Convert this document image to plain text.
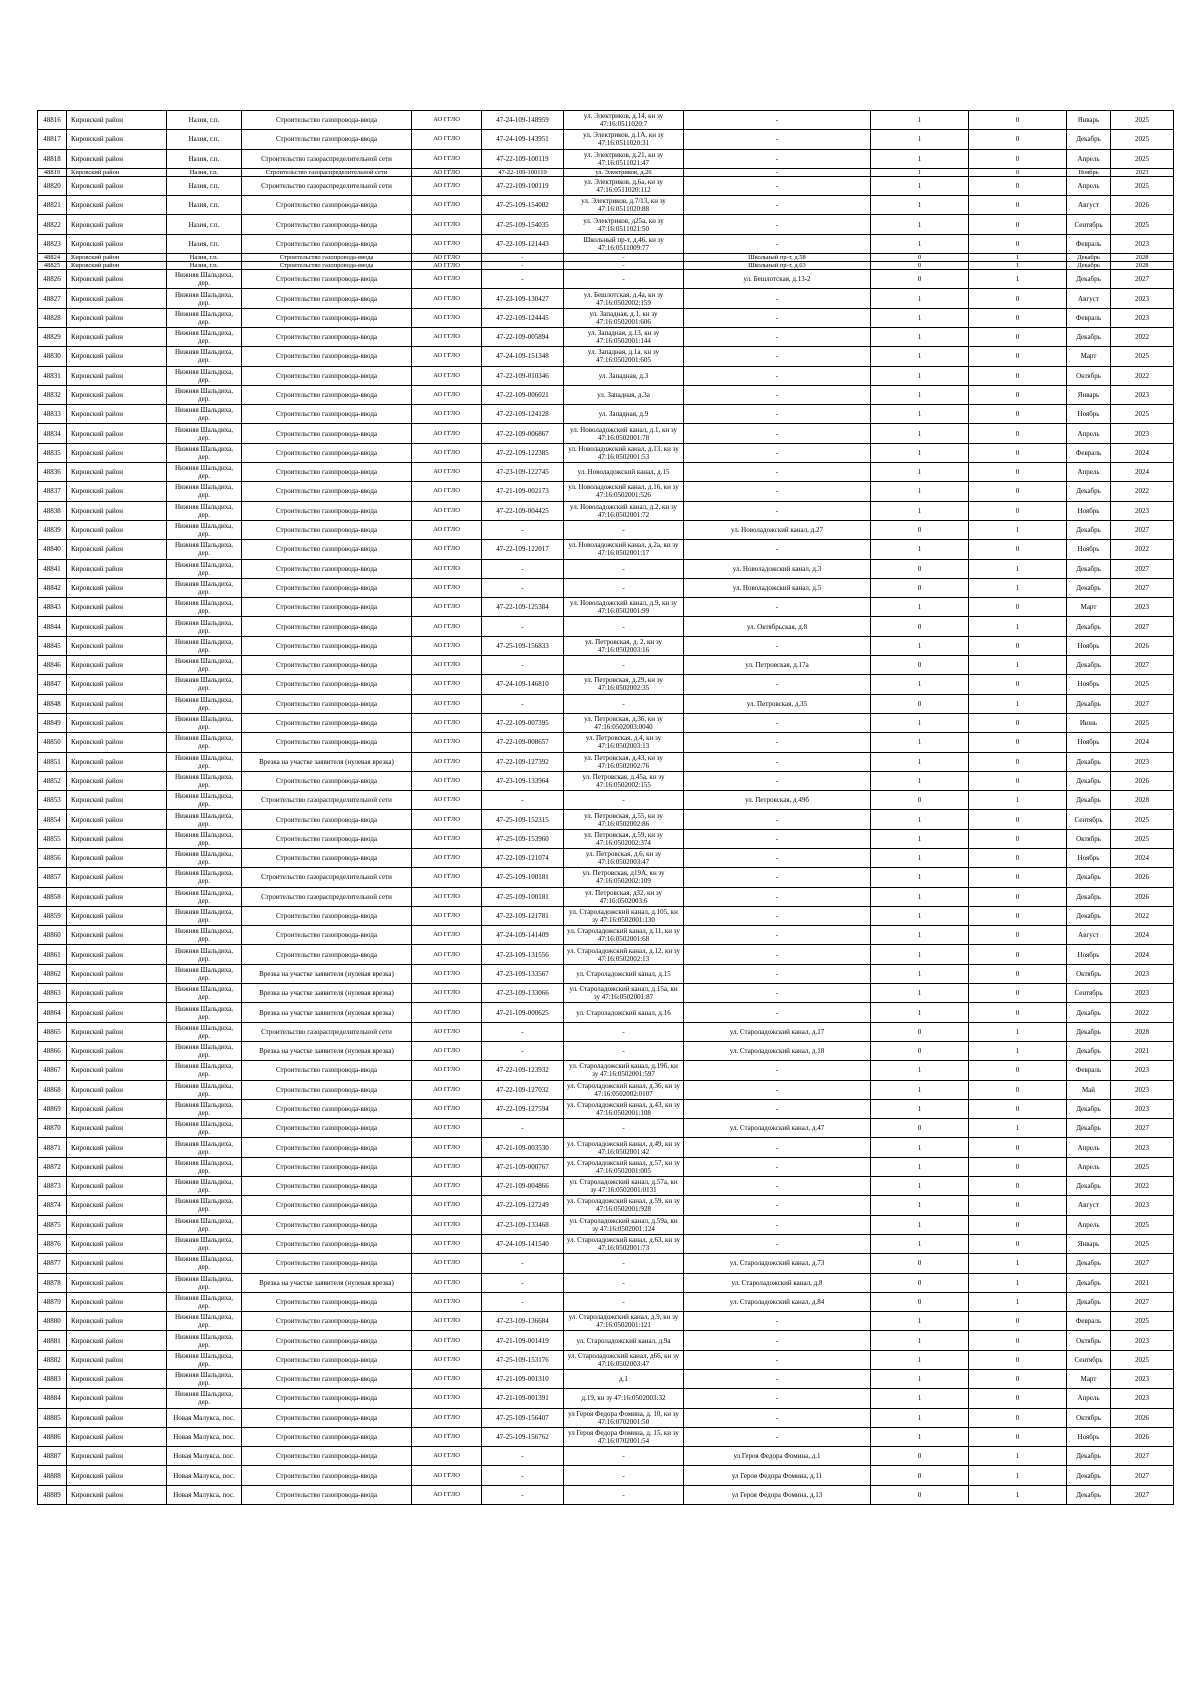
48816	Кировский район	Назия, г.п.	Строительство газопровода-ввода	АО ГГЛО	47-24-109-148959	ул. Электриков, д.14, кн зу 47:16:0511020:7	-	1	0	Январь	2025
48817	Кировский район	Назия, г.п.	Строительство газопровода-ввода	АО ГГЛО	47-24-109-143951	ул. Электриков, д.1А, кн зу 47:16:0511020:31	-	1	0	Декабрь	2025
48818	Кировский район	Назия, г.п.	Строительство газораспределительной сети	АО ГГЛО	47-22-109-100119	ул. Электриков, д.21, кн зу 47:16:0511021:47	-	1	0	Апрель	2025
48819	Кировский район	Назия, г.п.	Строительство газораспределительной сети	АО ГГЛО	47-22-109-100119	ул. Электриков, д.26	-	1	0	Ноябрь	2023
48820	Кировский район	Назия, г.п.	Строительство газораспределительной сети	АО ГГЛО	47-22-109-100119	ул. Электриков, д.6а, кн зу 47:16:0511020:112	-	1	0	Апрель	2025
48821	Кировский район	Назия, г.п.	Строительство газопровода-ввода	АО ГГЛО	47-25-109-154002	ул. Электриков, д.7/13, кн зу 47:16:0511020:88	-	1	0	Август	2026
48822	Кировский район	Назия, г.п.	Строительство газопровода-ввода	АО ГГЛО	47-25-109-154035	ул. Электриков, д25а, кн зу 47:16:0511021:50	-	1	0	Сентябрь	2025
48823	Кировский район	Назия, г.п.	Строительство газопровода-ввода	АО ГГЛО	47-22-109-121443	Школьный пр-т, д.46, кн зу 47:16:0511009:77	-	1	0	Февраль	2023
48824	Кировский район	Назия, г.п.	Строительство газопровода-ввода	АО ГГЛО	-	-	Школьный пр-т, д.58	0	1	Декабрь	2028
48825	Кировский район	Назия, г.п.	Строительство газопровода-ввода	АО ГГЛО	-	-	Школьный пр-т, д.63	0	1	Декабрь	2028
48826	Кировский район	Нижняя Шальдиха, дер.	Строительство газопровода-ввода	АО ГГЛО	-	-	ул. Бешлотская, д.13-2	0	1	Декабрь	2027
48827	Кировский район	Нижняя Шальдиха, дер.	Строительство газопровода-ввода	АО ГГЛО	47-23-109-130427	ул. Бешлотская, д.4а, кн зу 47:16:0502002:159	-	1	0	Август	2023
48828	Кировский район	Нижняя Шальдиха, дер.	Строительство газопровода-ввода	АО ГГЛО	47-22-109-124445	ул. Западная, д.1, кн зу 47:16:0502001:606	-	1	0	Февраль	2023
48829	Кировский район	Нижняя Шальдиха, дер.	Строительство газопровода-ввода	АО ГГЛО	47-22-109-005894	ул. Западная, д.13, кн зу 47:16:0502001:144	-	1	0	Декабрь	2022
48830	Кировский район	Нижняя Шальдиха, дер.	Строительство газопровода-ввода	АО ГГЛО	47-24-109-151348	ул. Западная, д.1а, кн зу 47:16:0502001:605	-	1	0	Март	2025
48831	Кировский район	Нижняя Шальдиха, дер.	Строительство газопровода-ввода	АО ГГЛО	47-22-109-010346	ул. Западная, д.3	-	1	0	Октябрь	2022
48832	Кировский район	Нижняя Шальдиха, дер.	Строительство газопровода-ввода	АО ГГЛО	47-22-109-006021	ул. Западная, д.3а	-	1	0	Январь	2023
48833	Кировский район	Нижняя Шальдиха, дер.	Строительство газопровода-ввода	АО ГГЛО	47-22-109-124128	ул. Западная, д.9	-	1	0	Ноябрь	2025
48834	Кировский район	Нижняя Шальдиха, дер.	Строительство газопровода-ввода	АО ГГЛО	47-22-109-006867	ул. Новоладожский канал, д.1, кн зу 47:16:0502001:78	-	1	0	Апрель	2023
48835	Кировский район	Нижняя Шальдиха, дер.	Строительство газопровода-ввода	АО ГГЛО	47-22-109-122385	ул. Новоладожский канал, д.13, кн зу 47:16:0502001:53	-	1	0	Февраль	2024
48836	Кировский район	Нижняя Шальдиха, дер.	Строительство газопровода-ввода	АО ГГЛО	47-23-109-122745	ул. Новоладожский канал, д.15	-	1	0	Апрель	2024
48837	Кировский район	Нижняя Шальдиха, дер.	Строительство газопровода-ввода	АО ГГЛО	47-21-109-002173	ул. Новоладожский канал, д.16, кн зу 47:16:0502001:526	-	1	0	Декабрь	2022
48838	Кировский район	Нижняя Шальдиха, дер.	Строительство газопровода-ввода	АО ГГЛО	47-22-109-004425	ул. Новоладожский канал, д.2, кн зу 47:16:0502001:72	-	1	0	Ноябрь	2023
48839	Кировский район	Нижняя Шальдиха, дер.	Строительство газопровода-ввода	АО ГГЛО	-	-	ул. Новоладожский канал, д.27	0	1	Декабрь	2027
48840	Кировский район	Нижняя Шальдиха, дер.	Строительство газопровода-ввода	АО ГГЛО	47-22-109-122017	ул. Новоладожский канал, д.2а, кн зу 47:16:0502001:17	-	1	0	Ноябрь	2022
48841	Кировский район	Нижняя Шальдиха, дер.	Строительство газопровода-ввода	АО ГГЛО	-	-	ул. Новоладожский канал, д.3	0	1	Декабрь	2027
48842	Кировский район	Нижняя Шальдиха, дер.	Строительство газопровода-ввода	АО ГГЛО	-	-	ул. Новоладожский канал, д.5	0	1	Декабрь	2027
48843	Кировский район	Нижняя Шальдиха, дер.	Строительство газопровода-ввода	АО ГГЛО	47-22-109-125384	ул. Новоладожский канал, д.9, кн зу 47:16:0502001:99	-	1	0	Март	2023
48844	Кировский район	Нижняя Шальдиха, дер.	Строительство газопровода-ввода	АО ГГЛО	-	-	ул. Октябрьская, д.8	0	1	Декабрь	2027
48845	Кировский район	Нижняя Шальдиха, дер.	Строительство газопровода-ввода	АО ГГЛО	47-25-109-156833	ул. Петровская, д. 2, кн зу 47:16:0502003:16	-	1	0	Ноябрь	2026
48846	Кировский район	Нижняя Шальдиха, дер.	Строительство газопровода-ввода	АО ГГЛО	-	-	ул. Петровская, д.17а	0	1	Декабрь	2027
48847	Кировский район	Нижняя Шальдиха, дер.	Строительство газопровода-ввода	АО ГГЛО	47-24-109-146810	ул. Петровская, д.29, кн зу 47:16:0502002:35	-	1	0	Ноябрь	2025
48848	Кировский район	Нижняя Шальдиха, дер.	Строительство газопровода-ввода	АО ГГЛО	-	-	ул. Петровская, д.35	0	1	Декабрь	2027
48849	Кировский район	Нижняя Шальдиха, дер.	Строительство газопровода-ввода	АО ГГЛО	47-22-109-007395	ул. Петровская, д.36, кн зу 47:16:0502003:0040	-	1	0	Июнь	2025
48850	Кировский район	Нижняя Шальдиха, дер.	Строительство газопровода-ввода	АО ГГЛО	47-22-109-008657	ул. Петровская, д.4, кн зу 47:16:0502003:13	-	1	0	Ноябрь	2024
48851	Кировский район	Нижняя Шальдиха, дер.	Врезка на участке заявителя (нулевая врезка)	АО ГГЛО	47-22-109-127392	ул. Петровская, д.43, кн зу 47:16:0502002:76	-	1	0	Декабрь	2023
48852	Кировский район	Нижняя Шальдиха, дер.	Строительство газопровода-ввода	АО ГГЛО	47-23-109-133964	ул. Петровская, д.45а, кн зу 47:16:0502002:155	-	1	0	Декабрь	2026
48853	Кировский район	Нижняя Шальдиха, дер.	Строительство газораспределительной сети	АО ГГЛО	-	-	ул. Петровская, д.49б	0	1	Декабрь	2028
48854	Кировский район	Нижняя Шальдиха, дер.	Строительство газопровода-ввода	АО ГГЛО	47-25-109-152315	ул. Петровская, д.55, кн зу 47:16:0502002:86	-	1	0	Сентябрь	2025
48855	Кировский район	Нижняя Шальдиха, дер.	Строительство газопровода-ввода	АО ГГЛО	47-25-109-153960	ул. Петровская, д.59, кн зу 47:16:0502002:374	-	1	0	Октябрь	2025
48856	Кировский район	Нижняя Шальдиха, дер.	Строительство газопровода-ввода	АО ГГЛО	47-22-109-121074	ул. Петровская, д.6, кн зу 47:16:0502003:47	-	1	0	Ноябрь	2024
48857	Кировский район	Нижняя Шальдиха, дер.	Строительство газораспределительной сети	АО ГГЛО	47-25-109-100181	ул. Петровская, д19А, кн зу 47:16:0502002:109	-	1	0	Декабрь	2026
48858	Кировский район	Нижняя Шальдиха, дер.	Строительство газораспределительной сети	АО ГГЛО	47-25-109-100181	ул. Петровская, д32, кн зу 47:16:0502003:6	-	1	0	Декабрь	2026
48859	Кировский район	Нижняя Шальдиха, дер.	Строительство газопровода-ввода	АО ГГЛО	47-22-109-121781	ул. Староладожский канал, д.105, кн зу 47:16:0502001:130	-	1	0	Декабрь	2022
48860	Кировский район	Нижняя Шальдиха, дер.	Строительство газопровода-ввода	АО ГГЛО	47-24-109-141409	ул. Староладожский канал, д.11, кн зу 47:16:0502001:68	-	1	0	Август	2024
48861	Кировский район	Нижняя Шальдиха, дер.	Строительство газопровода-ввода	АО ГГЛО	47-23-109-131556	ул. Староладожский канал, д.12, кн зу 47:16:0502002:13	-	1	0	Ноябрь	2024
48862	Кировский район	Нижняя Шальдиха, дер.	Врезка на участке заявителя (нулевая врезка)	АО ГГЛО	47-23-109-133567	ул. Староладожский канал, д.15	-	1	0	Октябрь	2023
48863	Кировский район	Нижняя Шальдиха, дер.	Врезка на участке заявителя (нулевая врезка)	АО ГГЛО	47-23-109-133066	ул. Староладожский канал, д.15а, кн зу 47:16:0502001:87	-	1	0	Сентябрь	2023
48864	Кировский район	Нижняя Шальдиха, дер.	Врезка на участке заявителя (нулевая врезка)	АО ГГЛО	47-21-109-000625	ул. Староладожский канал, д.16	-	1	0	Декабрь	2022
48865	Кировский район	Нижняя Шальдиха, дер.	Строительство газораспределительной сети	АО ГГЛО	-	-	ул. Староладожский канал, д.17	0	1	Декабрь	2028
48866	Кировский район	Нижняя Шальдиха, дер.	Врезка на участке заявителя (нулевая врезка)	АО ГГЛО	-	-	ул. Староладожский канал, д.18	0	1	Декабрь	2021
48867	Кировский район	Нижняя Шальдиха, дер.	Строительство газопровода-ввода	АО ГГЛО	47-22-109-123932	ул. Староладожский канал, д.19б, кн зу 47:16:0502001:597	-	1	0	Февраль	2023
48868	Кировский район	Нижняя Шальдиха, дер.	Строительство газопровода-ввода	АО ГГЛО	47-22-109-127032	ул. Староладожский канал, д.36, кн зу 47:16:0502002:0107	-	1	0	Май	2023
48869	Кировский район	Нижняя Шальдиха, дер.	Строительство газопровода-ввода	АО ГГЛО	47-22-109-127594	ул. Староладожский канал, д.43, кн зу 47:16:0502001:108	-	1	0	Декабрь	2023
48870	Кировский район	Нижняя Шальдиха, дер.	Строительство газопровода-ввода	АО ГГЛО	-	-	ул. Староладожский канал, д.47	0	1	Декабрь	2027
48871	Кировский район	Нижняя Шальдиха, дер.	Строительство газопровода-ввода	АО ГГЛО	47-21-109-003530	ул. Староладожский канал, д.49, кн зу 47:16:0502001:42	-	1	0	Апрель	2023
48872	Кировский район	Нижняя Шальдиха, дер.	Строительство газопровода-ввода	АО ГГЛО	47-21-109-000767	ул. Староладожский канал, д.57, кн зу 47:16:0502001:005	-	1	0	Апрель	2025
48873	Кировский район	Нижняя Шальдиха, дер.	Строительство газопровода-ввода	АО ГГЛО	47-21-109-004866	ул. Староладожский канал, д.57а, кн зу 47:16:0502001:0131	-	1	0	Декабрь	2022
48874	Кировский район	Нижняя Шальдиха, дер.	Строительство газопровода-ввода	АО ГГЛО	47-22-109-127249	ул. Староладожский канал, д.59, кн зу 47:16:0502001:928	-	1	0	Август	2023
48875	Кировский район	Нижняя Шальдиха, дер.	Строительство газопровода-ввода	АО ГГЛО	47-23-109-133468	ул. Староладожский канал, д.59а, кн зу 47:16:0502001:124	-	1	0	Апрель	2025
48876	Кировский район	Нижняя Шальдиха, дер.	Строительство газопровода-ввода	АО ГГЛО	47-24-109-141540	ул. Староладожский канал, д.63, кн зу 47:16:0502001:73	-	1	0	Январь	2025
48877	Кировский район	Нижняя Шальдиха, дер.	Строительство газопровода-ввода	АО ГГЛО	-	-	ул. Староладожский канал, д.73	0	1	Декабрь	2027
48878	Кировский район	Нижняя Шальдиха, дер.	Врезка на участке заявителя (нулевая врезка)	АО ГГЛО	-	-	ул. Староладожский канал, д.8	0	1	Декабрь	2021
48879	Кировский район	Нижняя Шальдиха, дер.	Строительство газопровода-ввода	АО ГГЛО	-	-	ул. Староладожский канал, д.84	0	1	Декабрь	2027
48880	Кировский район	Нижняя Шальдиха, дер.	Строительство газопровода-ввода	АО ГГЛО	47-23-109-136684	ул. Староладожский канал, д.9, кн зу 47:16:0502001:121	-	1	0	Февраль	2025
48881	Кировский район	Нижняя Шальдиха, дер.	Строительство газопровода-ввода	АО ГГЛО	47-21-109-001419	ул. Староладожский канал, д.9а	-	1	0	Октябрь	2023
48882	Кировский район	Нижняя Шальдиха, дер.	Строительство газопровода-ввода	АО ГГЛО	47-25-109-153176	ул. Староладожский канал, д66, кн зу 47:16:0502003:47	-	1	0	Сентябрь	2025
48883	Кировский район	Нижняя Шальдиха, дер.	Строительство газопровода-ввода	АО ГГЛО	47-21-109-001310	д.1	-	1	0	Март	2023
48884	Кировский район	Нижняя Шальдиха, дер.	Строительство газопровода-ввода	АО ГГЛО	47-21-109-001391	д.19, кн зу 47:16:0502003:32	-	1	0	Апрель	2023
48885	Кировский район	Новая Малукса, пос.	Строительство газопровода-ввода	АО ГГЛО	47-25-109-156407	ул Героя Федора Фомина, д. 10, кн зу 47:16:0702001:50	-	1	0	Октябрь	2026
48886	Кировский район	Новая Малукса, пос.	Строительство газопровода-ввода	АО ГГЛО	47-25-109-156762	ул Героя Федора Фомина, д. 15, кн зу 47:16:0702001:54	-	1	0	Ноябрь	2026
48887	Кировский район	Новая Малукса, пос.	Строительство газопровода-ввода	АО ГГЛО	-	-	ул Героя Федора Фомина, д.1	0	1	Декабрь	2027
48888	Кировский район	Новая Малукса, пос.	Строительство газопровода-ввода	АО ГГЛО	-	-	ул Героя Федора Фомина, д.11	0	1	Декабрь	2027
48889	Кировский район	Новая Малукса, пос.	Строительство газопровода-ввода	АО ГГЛО	-	-	ул Героя Федора Фомина, д.13	0	1	Декабрь	2027
